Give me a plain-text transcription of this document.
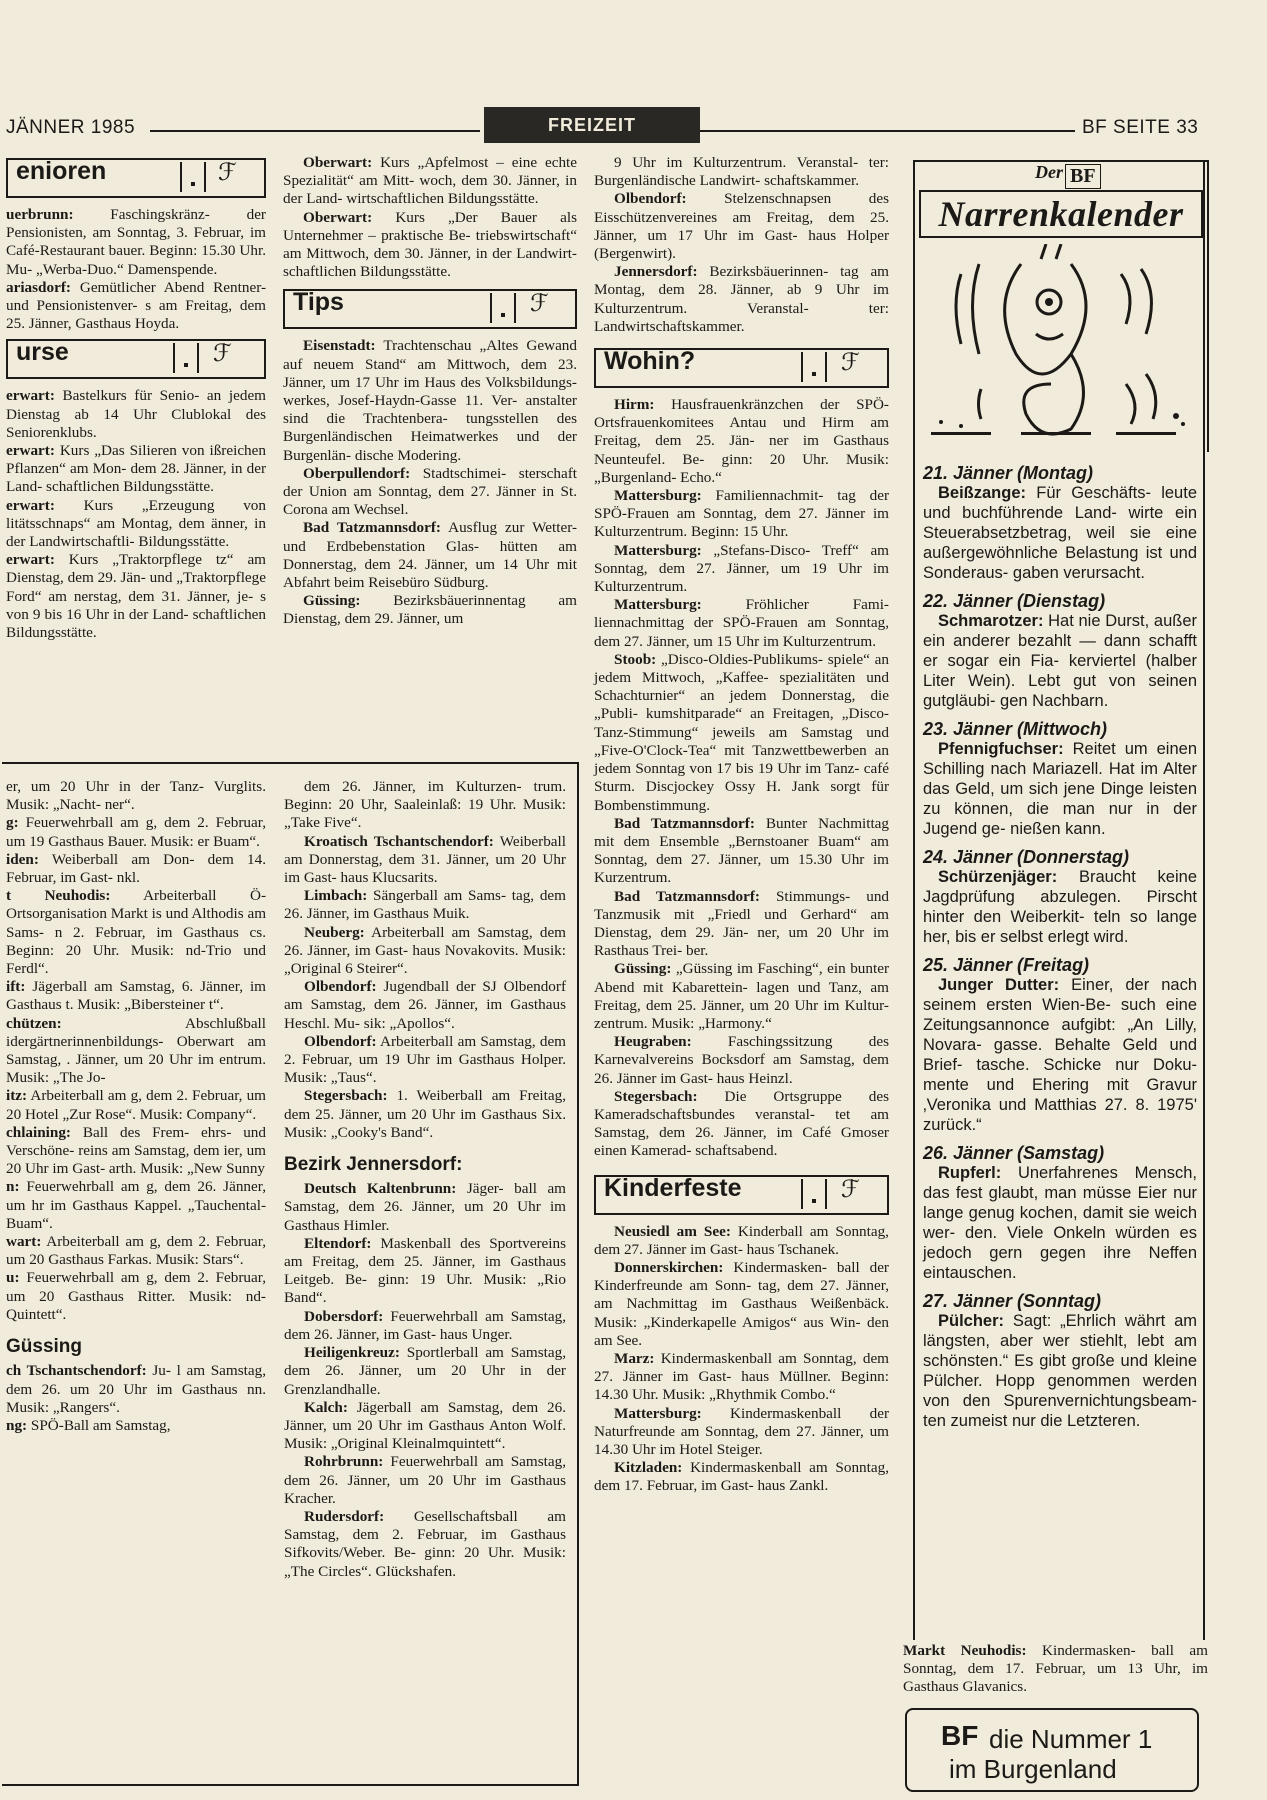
JÄNNER 1985	FREIZEIT	BF SEITE 33
enioren	ℱ

uerbrunn: Faschingskränz- der Pensionisten, am Sonntag, 3. Februar, im Café-Restaurant bauer. Beginn: 15.30 Uhr. Mu- „Werba-Duo.“ Damenspende.

ariasdorf: Gemütlicher Abend Rentner- und Pensionistenver- s am Freitag, dem 25. Jänner, Gasthaus Hoyda.

urse	ℱ

erwart: Bastelkurs für Senio- an jedem Dienstag ab 14 Uhr Clublokal des Seniorenklubs.

erwart: Kurs „Das Silieren von ißreichen Pflanzen“ am Mon- dem 28. Jänner, in der Land- schaftlichen Bildungsstätte.

erwart: Kurs „Erzeugung von litätsschnaps“ am Montag, dem änner, in der Landwirtschaftli- Bildungsstätte.

erwart: Kurs „Traktorpflege tz“ am Dienstag, dem 29. Jän- und „Traktorpflege Ford“ am nerstag, dem 31. Jänner, je- s von 9 bis 16 Uhr in der Land- schaftlichen Bildungsstätte.

Oberwart: Kurs „Apfelmost – eine echte Spezialität“ am Mitt- woch, dem 30. Jänner, in der Land- wirtschaftlichen Bildungsstätte.

Oberwart: Kurs „Der Bauer als Unternehmer – praktische Be- triebswirtschaft“ am Mittwoch, dem 30. Jänner, in der Landwirt- schaftlichen Bildungsstätte.

Tips	ℱ

Eisenstadt: Trachtenschau „Altes Gewand auf neuem Stand“ am Mittwoch, dem 23. Jänner, um 17 Uhr im Haus des Volksbildungs- werkes, Josef-Haydn-Gasse 11. Ver- anstalter sind die Trachtenbera- tungsstellen des Burgenländischen Heimatwerkes und der Burgenlän- dische Modering.

Oberpullendorf: Stadtschimei- sterschaft der Union am Sonntag, dem 27. Jänner in St. Corona am Wechsel.

Bad Tatzmannsdorf: Ausflug zur Wetter- und Erdbebenstation Glas- hütten am Donnerstag, dem 24. Jänner, um 14 Uhr mit Abfahrt beim Reisebüro Südburg.

Güssing: Bezirksbäuerinnentag am Dienstag, dem 29. Jänner, um

er, um 20 Uhr in der Tanz- Vurglits. Musik: „Nacht- ner“.

g: Feuerwehrball am g, dem 2. Februar, um 19 Gasthaus Bauer. Musik: er Buam“.

iden: Weiberball am Don- dem 14. Februar, im Gast- nkl.

t Neuhodis: Arbeiterball Ö-Ortsorganisation Markt is und Althodis am Sams- n 2. Februar, im Gasthaus cs. Beginn: 20 Uhr. Musik: nd-Trio und Ferdl“.

ift: Jägerball am Samstag, 6. Jänner, im Gasthaus t. Musik: „Bibersteiner t“.

chützen: Abschlußball idergärtnerinnenbildungs- Oberwart am Samstag, . Jänner, um 20 Uhr im entrum. Musik: „The Jo-

itz: Arbeiterball am g, dem 2. Februar, um 20 Hotel „Zur Rose“. Musik: Company“.

chlaining: Ball des Frem- ehrs- und Verschöne- reins am Samstag, dem ier, um 20 Uhr im Gast- arth. Musik: „New Sunny

n: Feuerwehrball am g, dem 26. Jänner, um hr im Gasthaus Kappel. „Tauchental-Buam“.

wart: Arbeiterball am g, dem 2. Februar, um 20 Gasthaus Farkas. Musik: Stars“.

u: Feuerwehrball am g, dem 2. Februar, um 20 Gasthaus Ritter. Musik: nd-Quintett“.

Güssing

ch Tschantschendorf: Ju- l am Samstag, dem 26. um 20 Uhr im Gasthaus nn. Musik: „Rangers“.

ng: SPÖ-Ball am Samstag,

dem 26. Jänner, im Kulturzen- trum. Beginn: 20 Uhr, Saaleinlaß: 19 Uhr. Musik: „Take Five“.

Kroatisch Tschantschendorf: Weiberball am Donnerstag, dem 31. Jänner, um 20 Uhr im Gast- haus Klucsarits.

Limbach: Sängerball am Sams- tag, dem 26. Jänner, im Gasthaus Muik.

Neuberg: Arbeiterball am Samstag, dem 26. Jänner, im Gast- haus Novakovits. Musik: „Original 6 Steirer“.

Olbendorf: Jugendball der SJ Olbendorf am Samstag, dem 26. Jänner, im Gasthaus Heschl. Mu- sik: „Apollos“.

Olbendorf: Arbeiterball am Samstag, dem 2. Februar, um 19 Uhr im Gasthaus Holper. Musik: „Taus“.

Stegersbach: 1. Weiberball am Freitag, dem 25. Jänner, um 20 Uhr im Gasthaus Six. Musik: „Cooky's Band“.

Bezirk Jennersdorf:

Deutsch Kaltenbrunn: Jäger- ball am Samstag, dem 26. Jänner, um 20 Uhr im Gasthaus Himler.

Eltendorf: Maskenball des Sportvereins am Freitag, dem 25. Jänner, im Gasthaus Leitgeb. Be- ginn: 19 Uhr. Musik: „Rio Band“.

Dobersdorf: Feuerwehrball am Samstag, dem 26. Jänner, im Gast- haus Unger.

Heiligenkreuz: Sportlerball am Samstag, dem 26. Jänner, um 20 Uhr in der Grenzlandhalle.

Kalch: Jägerball am Samstag, dem 26. Jänner, um 20 Uhr im Gasthaus Anton Wolf. Musik: „Original Kleinalmquintett“.

Rohrbrunn: Feuerwehrball am Samstag, dem 26. Jänner, um 20 Uhr im Gasthaus Kracher.

Rudersdorf: Gesellschaftsball am Samstag, dem 2. Februar, im Gasthaus Sifkovits/Weber. Be- ginn: 20 Uhr. Musik: „The Circles“. Glückshafen.

9 Uhr im Kulturzentrum. Veranstal- ter: Burgenländische Landwirt- schaftskammer.

Olbendorf: Stelzenschnapsen des Eisschützenvereines am Freitag, dem 25. Jänner, um 17 Uhr im Gast- haus Holper (Bergenwirt).

Jennersdorf: Bezirksbäuerinnen- tag am Montag, dem 28. Jänner, ab 9 Uhr im Kulturzentrum. Veranstal- ter: Landwirtschaftskammer.

Wohin?	ℱ

Hirm: Hausfrauenkränzchen der SPÖ-Ortsfrauenkomitees Antau und Hirm am Freitag, dem 25. Jän- ner im Gasthaus Neunteufel. Be- ginn: 20 Uhr. Musik: „Burgenland- Echo.“

Mattersburg: Familiennachmit- tag der SPÖ-Frauen am Sonntag, dem 27. Jänner im Kulturzentrum. Beginn: 15 Uhr.

Mattersburg: „Stefans-Disco- Treff“ am Sonntag, dem 27. Jänner, um 19 Uhr im Kulturzentrum.

Mattersburg: Fröhlicher Fami- liennachmittag der SPÖ-Frauen am Sonntag, dem 27. Jänner, um 15 Uhr im Kulturzentrum.

Stoob: „Disco-Oldies-Publikums- spiele“ an jedem Mittwoch, „Kaffee- spezialitäten und Schachturnier“ an jedem Donnerstag, die „Publi- kumshitparade“ an Freitagen, „Disco-Tanz-Stimmung“ jeweils am Samstag und „Five-O'Clock-Tea“ mit Tanzwettbewerben an jedem Sonntag von 17 bis 19 Uhr im Tanz- café Sturm. Discjockey Ossy H. Jank sorgt für Bombenstimmung.

Bad Tatzmannsdorf: Bunter Nachmittag mit dem Ensemble „Bernstoaner Buam“ am Sonntag, dem 27. Jänner, um 15.30 Uhr im Kurzentrum.

Bad Tatzmannsdorf: Stimmungs- und Tanzmusik mit „Friedl und Gerhard“ am Dienstag, dem 29. Jän- ner, um 20 Uhr im Rasthaus Trei- ber.

Güssing: „Güssing im Fasching“, ein bunter Abend mit Kabarettein- lagen und Tanz, am Freitag, dem 25. Jänner, um 20 Uhr im Kultur- zentrum. Musik: „Harmony.“

Heugraben: Faschingssitzung des Karnevalvereins Bocksdorf am Samstag, dem 26. Jänner im Gast- haus Heinzl.

Stegersbach: Die Ortsgruppe des Kameradschaftsbundes veranstal- tet am Samstag, dem 26. Jänner, im Café Gmoser einen Kamerad- schaftsabend.

Kinderfeste	ℱ

Neusiedl am See: Kinderball am Sonntag, dem 27. Jänner im Gast- haus Tschanek.

Donnerskirchen: Kindermasken- ball der Kinderfreunde am Sonn- tag, dem 27. Jänner, am Nachmittag im Gasthaus Weißenbäck. Musik: „Kinderkapelle Amigos“ aus Win- den am See.

Marz: Kindermaskenball am Sonntag, dem 27. Jänner im Gast- haus Müllner. Beginn: 14.30 Uhr. Musik: „Rhythmik Combo.“

Mattersburg: Kindermaskenball der Naturfreunde am Sonntag, dem 27. Jänner, um 14.30 Uhr im Hotel Steiger.

Kitzladen: Kindermaskenball am Sonntag, dem 17. Februar, im Gast- haus Zankl.

Der BF
Narrenkalender
21. Jänner (Montag)
Beißzange: Für Geschäfts- leute und buchführende Land- wirte ein Steuerabsetzbetrag, weil sie eine außergewöhnliche Belastung ist und Sonderaus- gaben verursacht.
22. Jänner (Dienstag)
Schmarotzer: Hat nie Durst, außer ein anderer bezahlt — dann schafft er sogar ein Fia- kerviertel (halber Liter Wein). Lebt gut von seinen gutgläubi- gen Nachbarn.
23. Jänner (Mittwoch)
Pfennigfuchser: Reitet um einen Schilling nach Mariazell. Hat im Alter das Geld, um sich jene Dinge leisten zu können, die man nur in der Jugend ge- nießen kann.
24. Jänner (Donnerstag)
Schürzenjäger: Braucht keine Jagdprüfung abzulegen. Pirscht hinter den Weiberkit- teln so lange her, bis er selbst erlegt wird.
25. Jänner (Freitag)
Junger Dutter: Einer, der nach seinem ersten Wien-Be- such eine Zeitungsannonce aufgibt: „An Lilly, Novara- gasse. Behalte Geld und Brief- tasche. Schicke nur Doku- mente und Ehering mit Gravur ‚Veronika und Matthias 27. 8. 1975' zurück.“
26. Jänner (Samstag)
Rupferl: Unerfahrenes Mensch, das fest glaubt, man müsse Eier nur lange genug kochen, damit sie weich wer- den. Viele Onkeln würden es jedoch gern gegen ihre Neffen eintauschen.
27. Jänner (Sonntag)
Pülcher: Sagt: „Ehrlich währt am längsten, aber wer stiehlt, lebt am schönsten.“ Es gibt große und kleine Pülcher. Hopp genommen werden von den Spurenvernichtungsbeam- ten zumeist nur die Letzteren.
Markt Neuhodis: Kindermasken- ball am Sonntag, dem 17. Februar, um 13 Uhr, im Gasthaus Glavanics.
BF die Nummer 1
im Burgenland
